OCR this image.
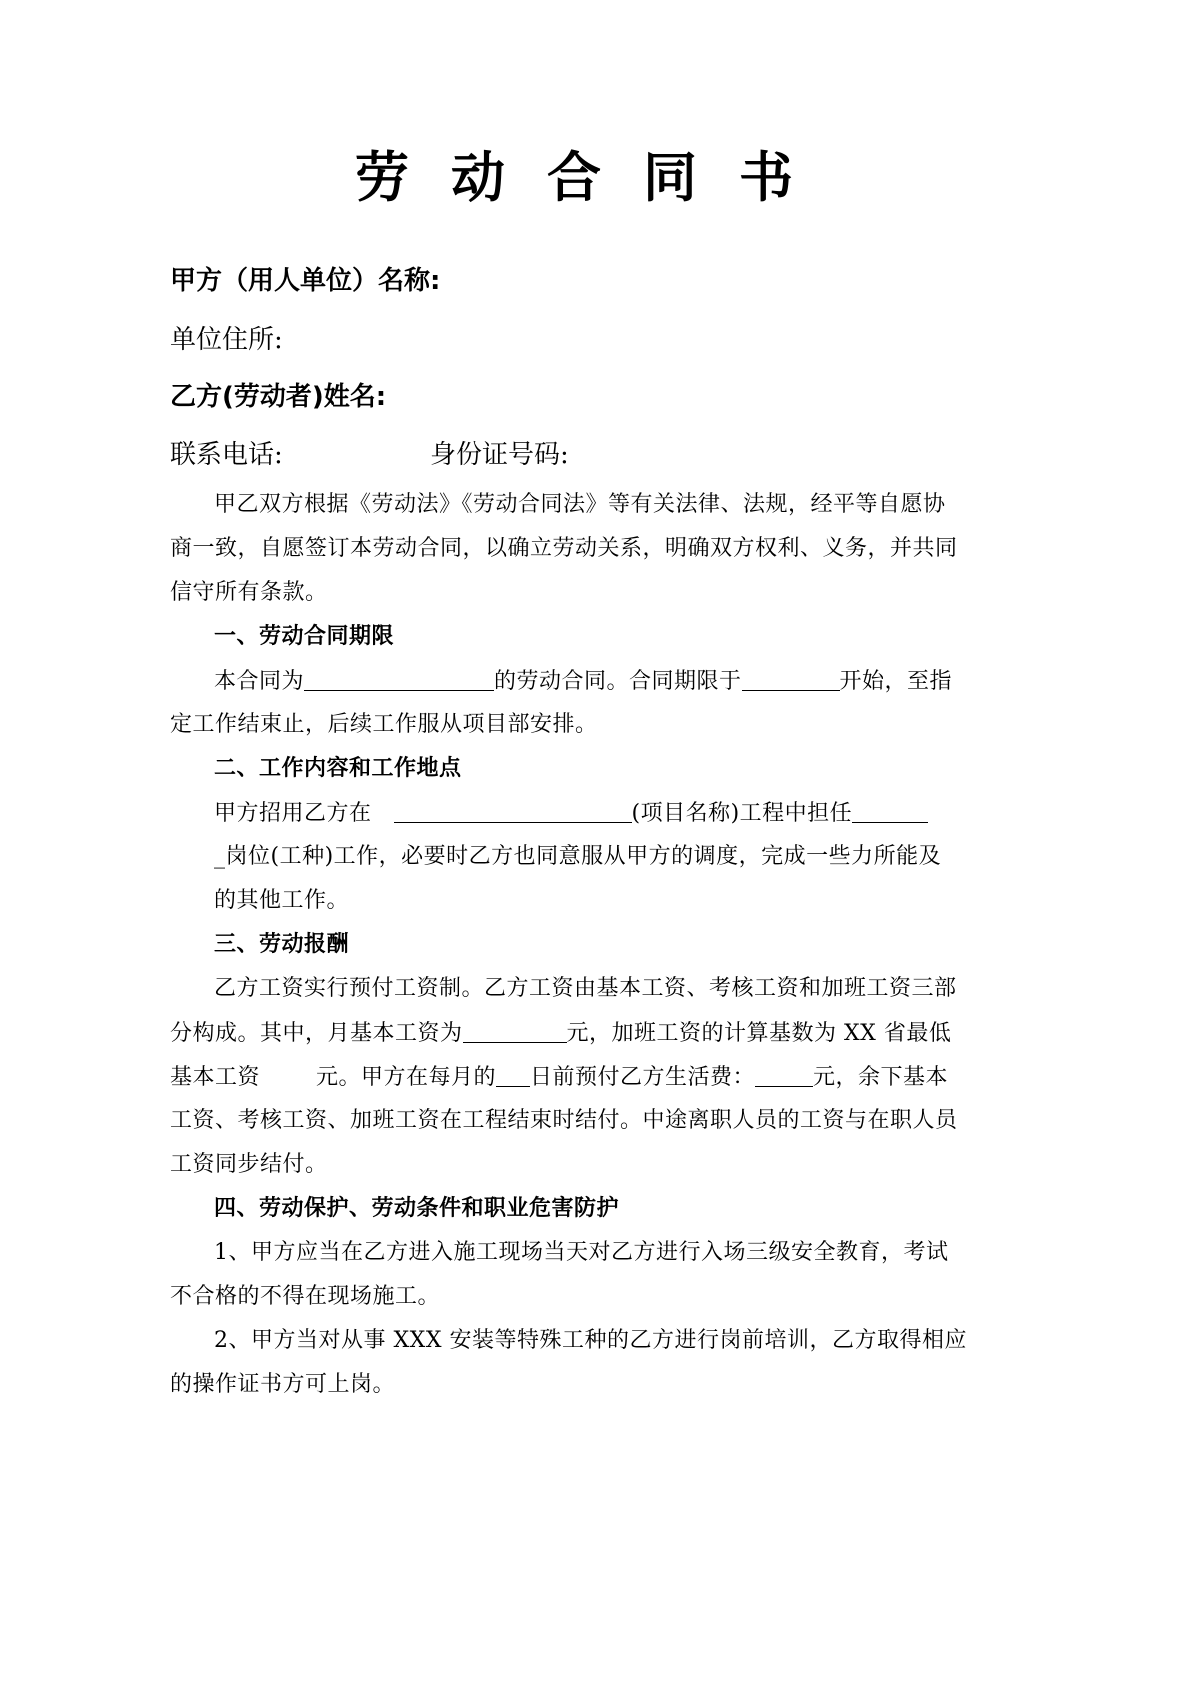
劳动合同书
甲方（用人单位）名称:
单位住所:
乙方(劳动者)姓名:
联系电话:	身份证号码:
甲乙双方根据《劳动法》《劳动合同法》等有关法律、法规，经平等自愿协
商一致，自愿签订本劳动合同，以确立劳动关系，明确双方权利、义务，并共同
信守所有条款。
一、劳动合同期限
本合同为	的劳动合同。合同期限于	开始，至指
定工作结束止，后续工作服从项目部安排。
二、工作内容和工作地点
甲方招用乙方在	(项目名称)工程中担任
_岗位(工种)工作，必要时乙方也同意服从甲方的调度，完成一些力所能及
的其他工作。
三、劳动报酬
乙方工资实行预付工资制。乙方工资由基本工资、考核工资和加班工资三部
分构成。其中，月基本工资为	元，加班工资的计算基数为 XX 省最低
基本工资	元。甲方在每月的 日前预付乙方生活费：	元，余下基本
工资、考核工资、加班工资在工程结束时结付。中途离职人员的工资与在职人员
工资同步结付。
四、劳动保护、劳动条件和职业危害防护
1、甲方应当在乙方进入施工现场当天对乙方进行入场三级安全教育，考试
不合格的不得在现场施工。
2、甲方当对从事 XXX 安装等特殊工种的乙方进行岗前培训，乙方取得相应
的操作证书方可上岗。
